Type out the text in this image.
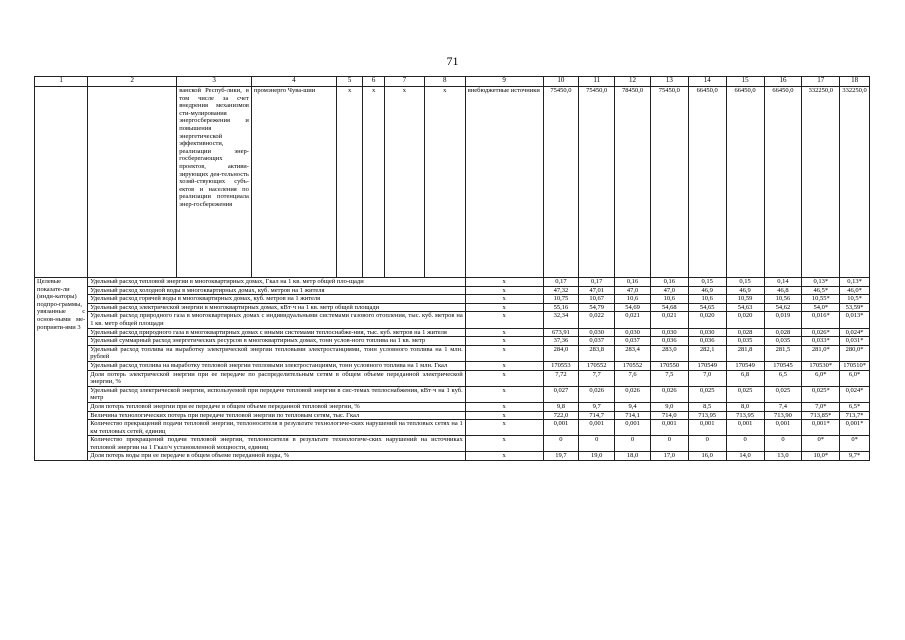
71
1	2	3	4	5	6	7	8	9	10	11	12	13	14	15	16	17	18
		ванской Респуб-лики, в том числе за счет внедрения механизмов сти-мулирования энергосбережения и повышения энергетической эффективности, реализации энер-госберегающих проектов, активи-зирующих дея-тельность хозяй-ствующих субъ-ектов и населения по реализации потенциала энер-госбережения	промэнерго Чува-шии	х	х	х	х	внебюджетные источники	75450,0	75450,0	78450,0	75450,0	66450,0	66450,0	66450,0	332250,0	332250,0
Целевые показате-ли (инди-каторы) подпро-граммы, увязанные с основ-ными ме-роприяти-ями 3	Удельный расход тепловой энергии в многоквартирных домах, Гкал на 1 кв. метр общей пло-щади							х	0,17	0,17	0,16	0,16	0,15	0,15	0,14	0,13*	0,13*
	Удельный расход холодной воды в многоквартирных домах, куб. метров на 1 жителя							х	47,32	47,01	47,0	47,0	46,9	46,9	46,8	46,5*	46,0*
	Удельный расход горячей воды в многоквартирных домах, куб. метров на 1 жителя							х	10,75	10,67	10,6	10,6	10,6	10,59	10,56	10,55*	10,5*
	Удельный расход электрической энергии в многоквартирных домах, кВт·ч на 1 кв. метр общей площади							х	55,16	54,79	54,69	54,68	54,65	54,63	54,62	54,0*	53,59*
	Удельный расход природного газа в многоквартирных домах с индивидуальными системами газового отопления, тыс. куб. метров на 1 кв. метр общей площади							х	32,34	0,022	0,021	0,021	0,020	0,020	0,019	0,016*	0,013*
	Удельный расход природного газа в многоквартирных домах с иными системами теплоснабже-ния, тыс. куб. метров на 1 жителя							х	673,91	0,030	0,030	0,030	0,030	0,028	0,028	0,026*	0,024*
	Удельный суммарный расход энергетических ресурсов в многоквартирных домах, тонн услов-ного топлива на 1 кв. метр							х	37,36	0,037	0,037	0,036	0,036	0,035	0,035	0,033*	0,031*
	Удельный расход топлива на выработку электрической энергии тепловыми электростанциями, тонн условного топлива на 1 млн. рублей							х	284,0	283,8	283,4	283,0	282,1	281,8	281,5	281,0*	280,0*
	Удельный расход топлива на выработку тепловой энергии тепловыми электростанциями, тонн условного топлива на 1 млн. Гкал							х	170553	170552	170552	170550	170549	170549	170545	170530*	170510*
	Доля потерь электрической энергии при ее передаче по распределительным сетям в общем объеме переданной электрической энергии, %							х	7,72	7,7	7,6	7,5	7,0	6,8	6,5	6,0*	6,0*
	Удельный расход электрической энергии, используемой при передаче тепловой энергии в сис-темах теплоснабжения, кВт·ч на 1 куб. метр							х	0,027	0,026	0,026	0,026	0,025	0,025	0,025	0,025*	0,024*
	Доля потерь тепловой энергии при ее передаче в общем объеме переданной тепловой энергии, %							х	9,8	9,7	9,4	9,0	8,5	8,0	7,4	7,0*	6,5*
	Величина технологических потерь при передаче тепловой энергии по тепловым сетям, тыс. Гкал							х	722,0	714,7	714,1	714,0	713,95	713,95	713,90	713,85*	713,7*
	Количество прекращений подачи тепловой энергии, теплоносителя в результате технологиче-ских нарушений на тепловых сетях на 1 км тепловых сетей, единиц							х	0,001	0,001	0,001	0,001	0,001	0,001	0,001	0,001*	0,001*
	Количество прекращений подачи тепловой энергии, теплоносителя в результате технологиче-ских нарушений на источниках тепловой энергии на 1 Гкал/ч установленной мощности, единиц							х	0	0	0	0	0	0	0	0*	0*
	Доля потерь воды при ее передаче в общем объеме переданной воды, %							х	19,7	19,0	18,0	17,0	16,0	14,0	13,0	10,0*	9,7*
